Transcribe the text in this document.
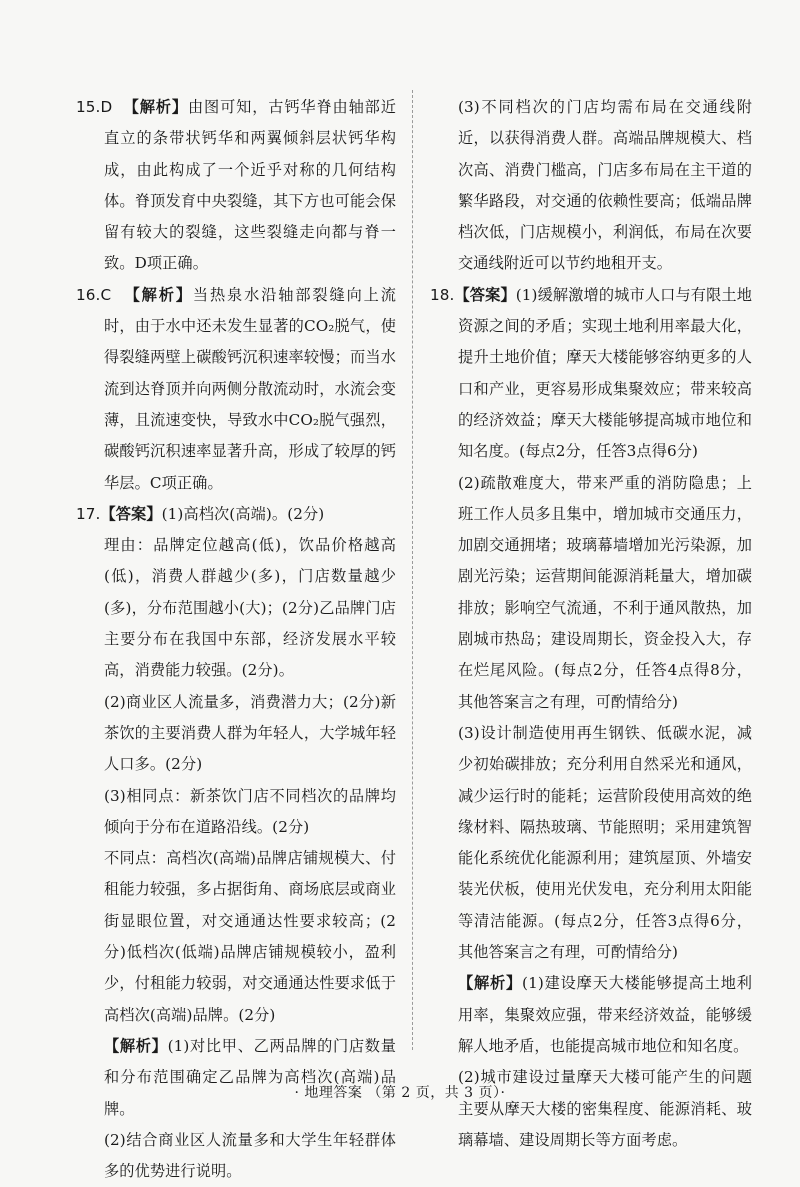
15.D 【解析】由图可知，古钙华脊由轴部近直立的条带状钙华和两翼倾斜层状钙华构成，由此构成了一个近乎对称的几何结构体。脊顶发育中央裂缝，其下方也可能会保留有较大的裂缝，这些裂缝走向都与脊一致。D项正确。

16.C 【解析】当热泉水沿轴部裂缝向上流时，由于水中还未发生显著的CO₂脱气，使得裂缝两壁上碳酸钙沉积速率较慢；而当水流到达脊顶并向两侧分散流动时，水流会变薄，且流速变快，导致水中CO₂脱气强烈，碳酸钙沉积速率显著升高，形成了较厚的钙华层。C项正确。

17.【答案】(1)高档次(高端)。(2分)

理由：品牌定位越高(低)，饮品价格越高(低)，消费人群越少(多)，门店数量越少(多)，分布范围越小(大)；(2分)乙品牌门店主要分布在我国中东部，经济发展水平较高，消费能力较强。(2分)。

(2)商业区人流量多，消费潜力大；(2分)新茶饮的主要消费人群为年轻人，大学城年轻人口多。(2分)

(3)相同点：新茶饮门店不同档次的品牌均倾向于分布在道路沿线。(2分)

不同点：高档次(高端)品牌店铺规模大、付租能力较强，多占据街角、商场底层或商业街显眼位置，对交通通达性要求较高；(2分)低档次(低端)品牌店铺规模较小，盈利少，付租能力较弱，对交通通达性要求低于高档次(高端)品牌。(2分)

【解析】(1)对比甲、乙两品牌的门店数量和分布范围确定乙品牌为高档次(高端)品牌。

(2)结合商业区人流量多和大学生年轻群体多的优势进行说明。

(3)不同档次的门店均需布局在交通线附近，以获得消费人群。高端品牌规模大、档次高、消费门槛高，门店多布局在主干道的繁华路段，对交通的依赖性要高；低端品牌档次低，门店规模小，利润低，布局在次要交通线附近可以节约地租开支。

18.【答案】(1)缓解激增的城市人口与有限土地资源之间的矛盾；实现土地利用率最大化，提升土地价值；摩天大楼能够容纳更多的人口和产业，更容易形成集聚效应；带来较高的经济效益；摩天大楼能够提高城市地位和知名度。(每点2分，任答3点得6分)

(2)疏散难度大，带来严重的消防隐患；上班工作人员多且集中，增加城市交通压力，加剧交通拥堵；玻璃幕墙增加光污染源，加剧光污染；运营期间能源消耗量大，增加碳排放；影响空气流通，不利于通风散热，加剧城市热岛；建设周期长，资金投入大，存在烂尾风险。(每点2分，任答4点得8分，其他答案言之有理，可酌情给分)

(3)设计制造使用再生钢铁、低碳水泥，减少初始碳排放；充分利用自然采光和通风，减少运行时的能耗；运营阶段使用高效的绝缘材料、隔热玻璃、节能照明；采用建筑智能化系统优化能源利用；建筑屋顶、外墙安装光伏板，使用光伏发电，充分利用太阳能等清洁能源。(每点2分，任答3点得6分，其他答案言之有理，可酌情给分)

【解析】(1)建设摩天大楼能够提高土地利用率，集聚效应强，带来经济效益，能够缓解人地矛盾，也能提高城市地位和知名度。

(2)城市建设过量摩天大楼可能产生的问题主要从摩天大楼的密集程度、能源消耗、玻璃幕墙、建设周期长等方面考虑。

· 地理答案 （第 2 页，共 3 页）·
